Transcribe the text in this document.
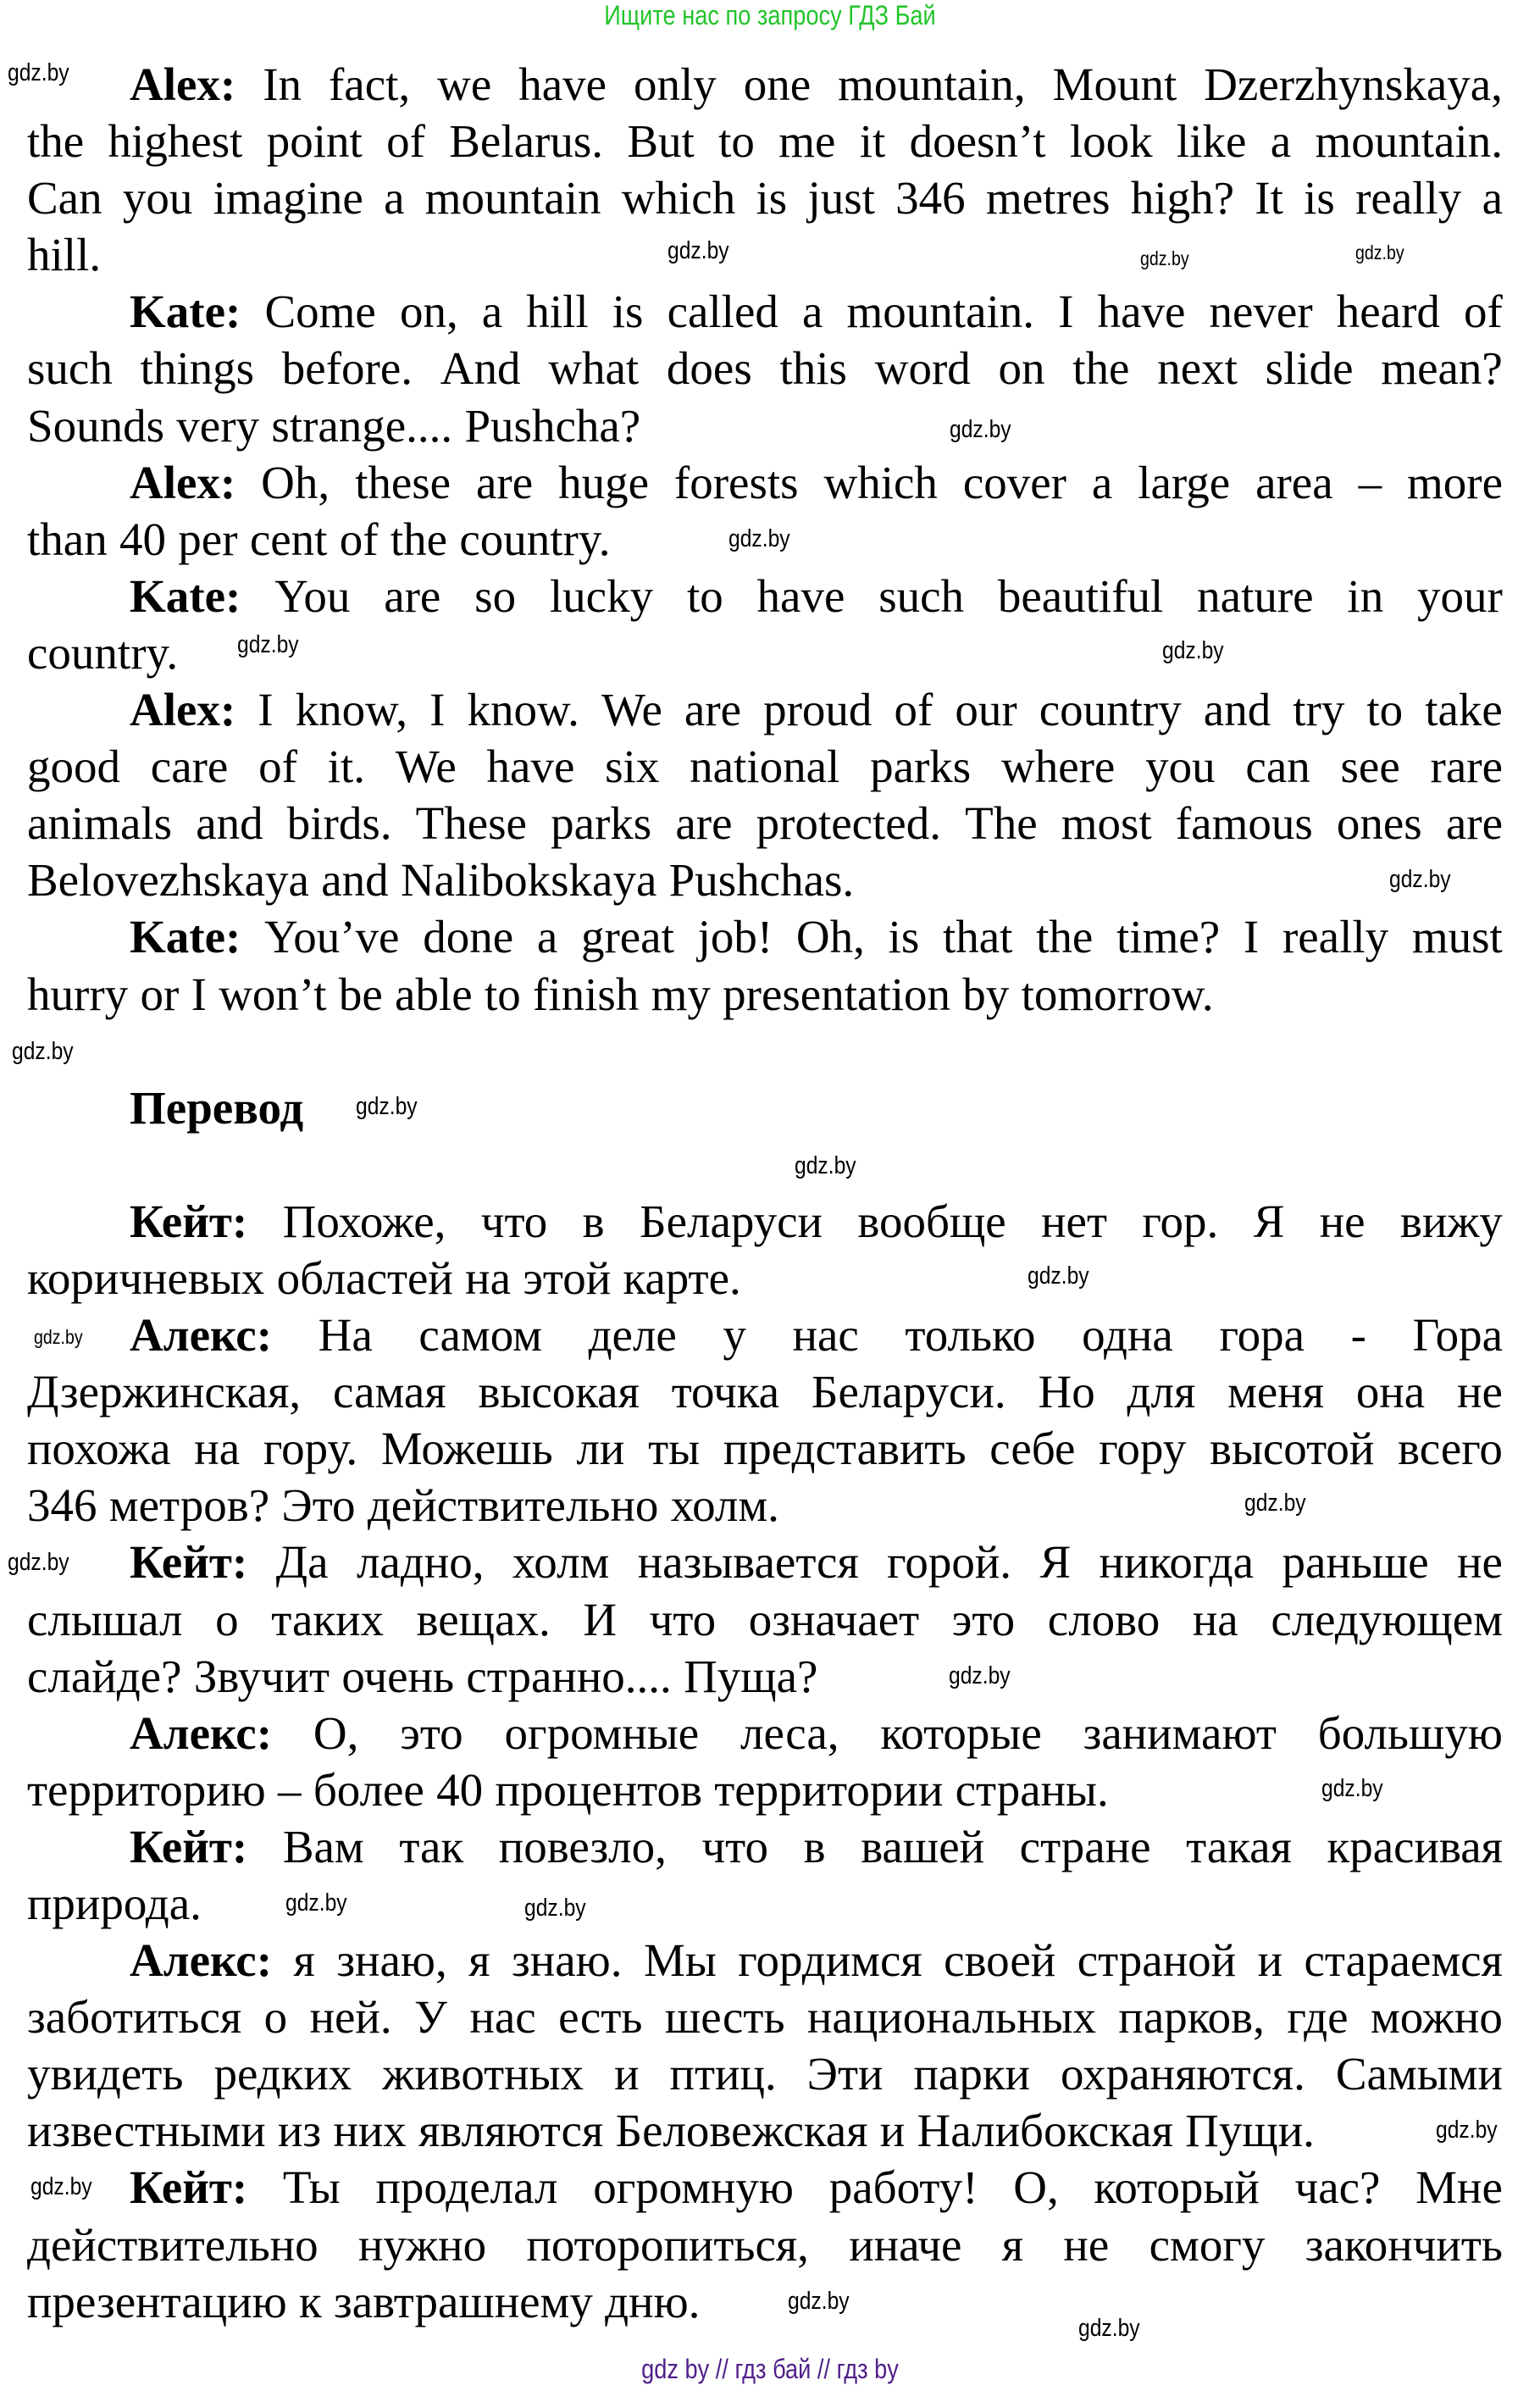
Ищите нас по запросу ГДЗ Бай
Alex: In fact, we have only one mountain, Mount Dzerzhynskaya,
the highest point of Belarus. But to me it doesn’t look like a mountain.
Can you imagine a mountain which is just 346 metres high? It is really a
hill.
Kate: Come on, a hill is called a mountain. I have never heard of
such things before. And what does this word on the next slide mean?
Sounds very strange.... Pushcha?
Alex: Oh, these are huge forests which cover a large area – more
than 40 per cent of the country.
Kate: You are so lucky to have such beautiful nature in your
country.
Alex: I know, I know. We are proud of our country and try to take
good care of it. We have six national parks where you can see rare
animals and birds. These parks are protected. The most famous ones are
Belovezhskaya and Nalibokskaya Pushchas.
Kate: You’ve done a great job! Oh, is that the time? I really must
hurry or I won’t be able to finish my presentation by tomorrow.
Перевод
Кейт: Похоже, что в Беларуси вообще нет гор. Я не вижу
коричневых областей на этой карте.
Алекс: На самом деле у нас только одна гора - Гора
Дзержинская, самая высокая точка Беларуси. Но для меня она не
похожа на гору. Можешь ли ты представить себе гору высотой всего
346 метров? Это действительно холм.
Кейт: Да ладно, холм называется горой. Я никогда раньше не
слышал о таких вещах. И что означает это слово на следующем
слайде? Звучит очень странно.... Пуща?
Алекс: О, это огромные леса, которые занимают большую
территорию – более 40 процентов территории страны.
Кейт: Вам так повезло, что в вашей стране такая красивая
природа.
Алекс: я знаю, я знаю. Мы гордимся своей страной и стараемся
заботиться о ней. У нас есть шесть национальных парков, где можно
увидеть редких животных и птиц. Эти парки охраняются. Самыми
известными из них являются Беловежская и Налибокская Пущи.
Кейт: Ты проделал огромную работу! О, который час? Мне
действительно нужно поторопиться, иначе я не смогу закончить
презентацию к завтрашнему дню.
gdz by // гдз бай // гдз by
gdz.by
gdz.by
gdz.by	gdz.by
gdz.by
gdz.by
gdz.by	gdz.by
gdz.by
gdz.by
gdz.by
gdz.by
gdz.by
gdz.by
gdz.by
gdz.by
gdz.by
gdz.by
gdz.by	gdz.by
gdz.by
gdz.by
gdz.by
gdz.by
